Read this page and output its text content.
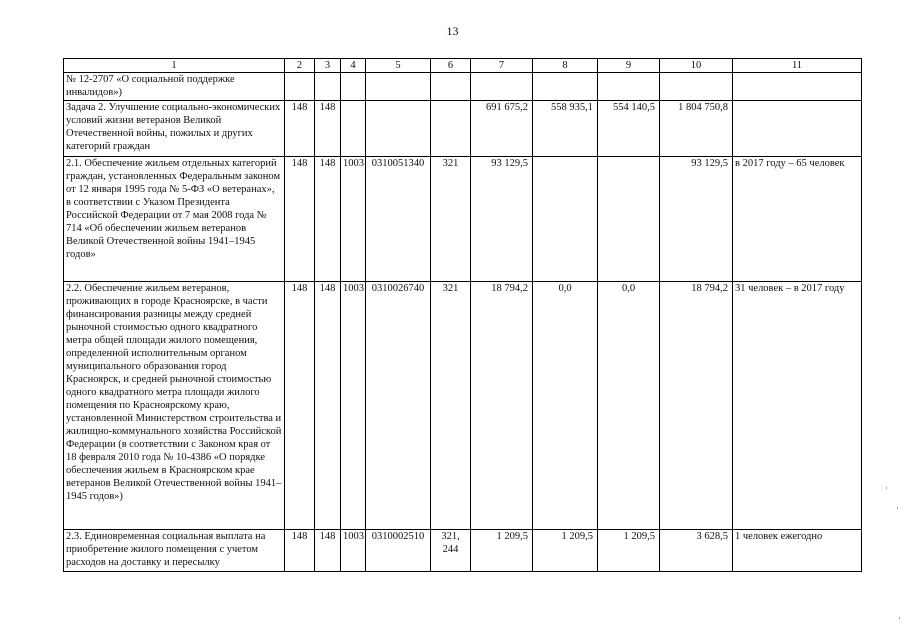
13
1	2	3	4	5	6	7	8	9	10	11
№ 12-2707 «О социальной поддержке инвалидов»)										
Задача 2. Улучшение социально-экономических условий жизни ветеранов Великой Отечественной войны, пожилых и других категорий граждан	148	148				691 675,2	558 935,1	554 140,5	1 804 750,8	
2.1. Обеспечение жильем отдельных категорий граждан, установленных Федеральным законом от 12 января 1995 года № 5-ФЗ «О ветеранах», в соответствии с Указом Президента Российской Федерации от 7 мая 2008 года № 714 «Об обеспечении жильем ветеранов Великой Отечественной войны 1941–1945 годов»	148	148	1003	0310051340	321	93 129,5			93 129,5	в 2017 году – 65 человек
2.2. Обеспечение жильем ветеранов, проживающих в городе Красноярске, в части финансирования разницы между средней рыночной стоимостью одного квадратного метра общей площади жилого помещения, определенной исполнительным органом муниципального образования город Красноярск, и средней рыночной стоимостью одного квадратного метра площади жилого помещения по Красноярскому краю, установленной Министерством строительства и жилищно-коммунального хозяйства Российской Федерации (в соответствии с Законом края от 18 февраля 2010 года № 10-4386 «О порядке обеспечения жильем в Красноярском крае ветеранов Великой Отечественной войны 1941–1945 годов»)	148	148	1003	0310026740	321	18 794,2	0,0	0,0	18 794,2	31 человек – в 2017 году
2.3. Единовременная социальная выплата на приобретение жилого помещения с учетом расходов на доставку и пересылку	148	148	1003	0310002510	321, 244	1 209,5	1 209,5	1 209,5	3 628,5	1 человек ежегодно
